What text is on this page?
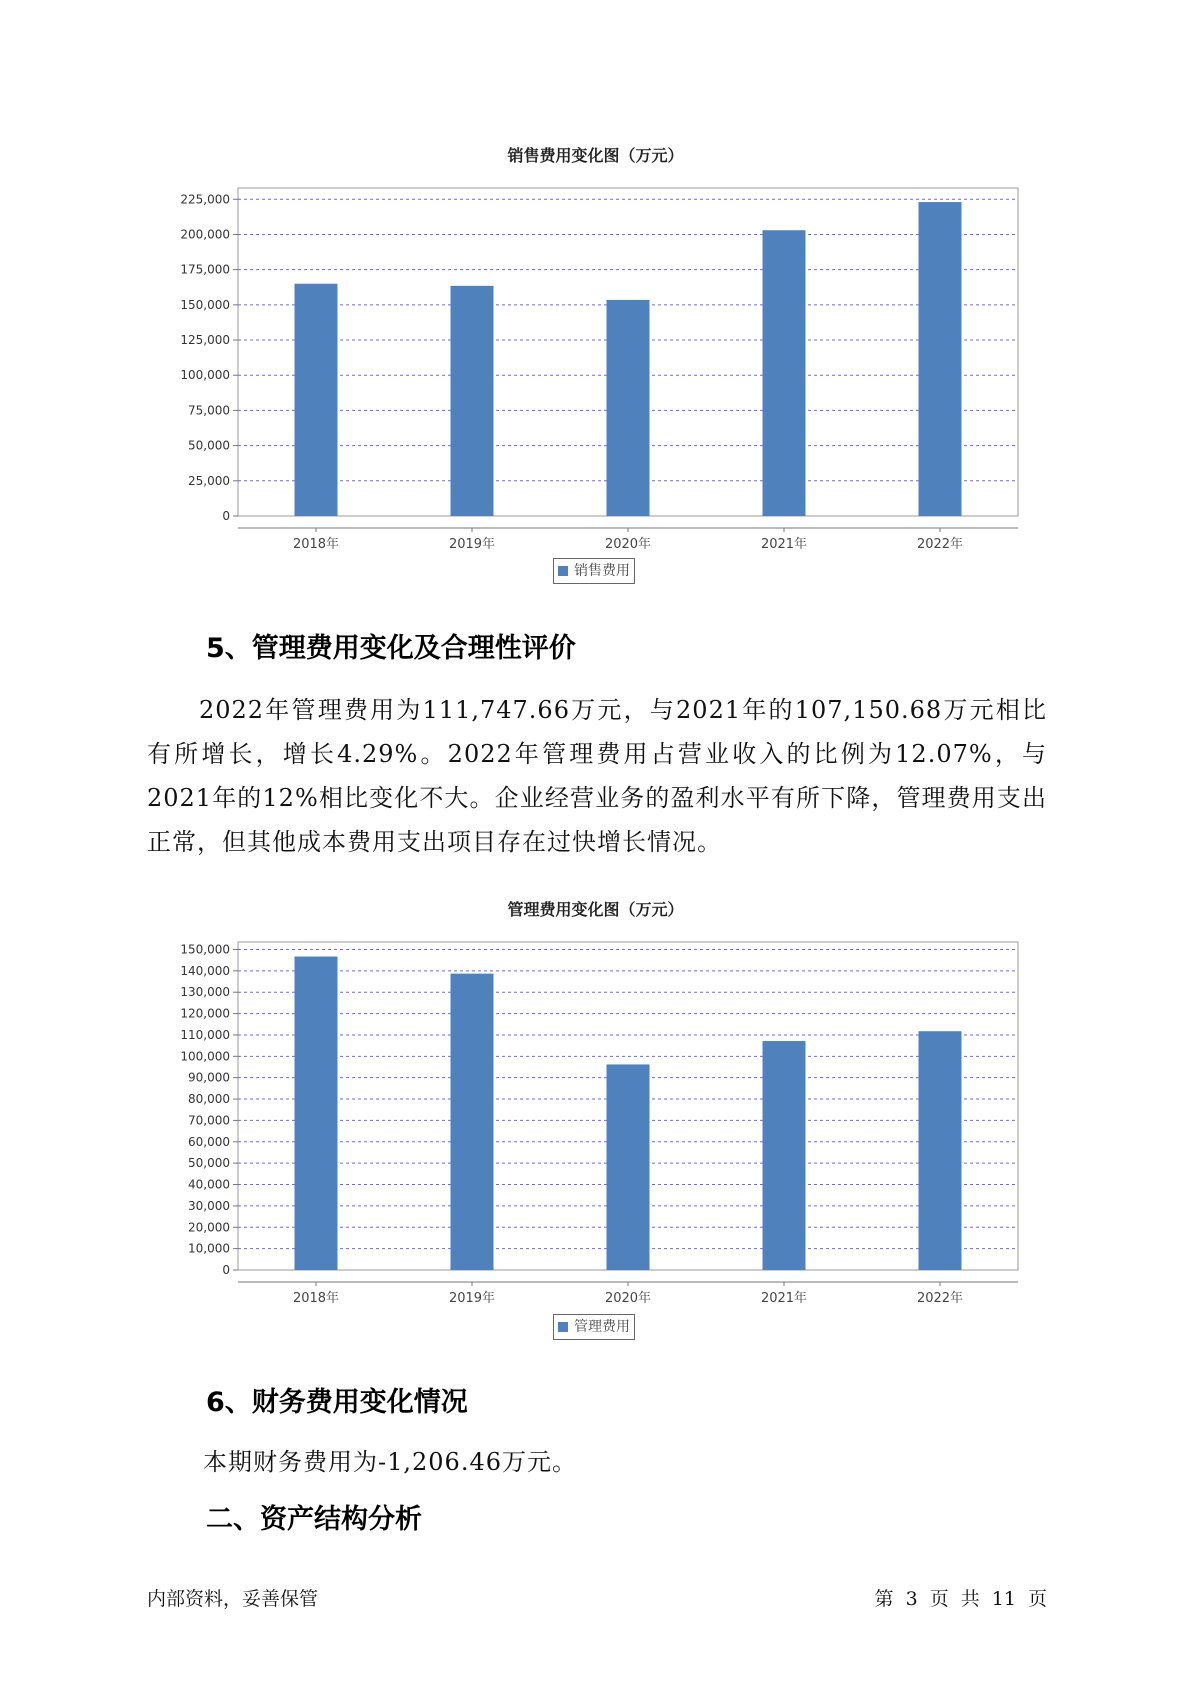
销售费用变化图（万元）
0
25,000
50,000
75,000
100,000
125,000
150,000
175,000
200,000
225,000
2018年	2019年	2020年	2021年	2022年
销售费用
5、管理费用变化及合理性评价
2022年管理费用为111,747.66万元，与2021年的107,150.68万元相比有所增长，增长4.29%。2022年管理费用占营业收入的比例为12.07%，与2021年的12%相比变化不大。企业经营业务的盈利水平有所下降，管理费用支出正常，但其他成本费用支出项目存在过快增长情况。
管理费用变化图（万元）
0
10,000
20,000
30,000
40,000
50,000
60,000
70,000
80,000
90,000
100,000
110,000
120,000
130,000
140,000
150,000
2018年	2019年	2020年	2021年	2022年
管理费用
6、财务费用变化情况
本期财务费用为-1,206.46万元。
二、资产结构分析
内部资料，妥善保管	第 3 页 共 11 页
